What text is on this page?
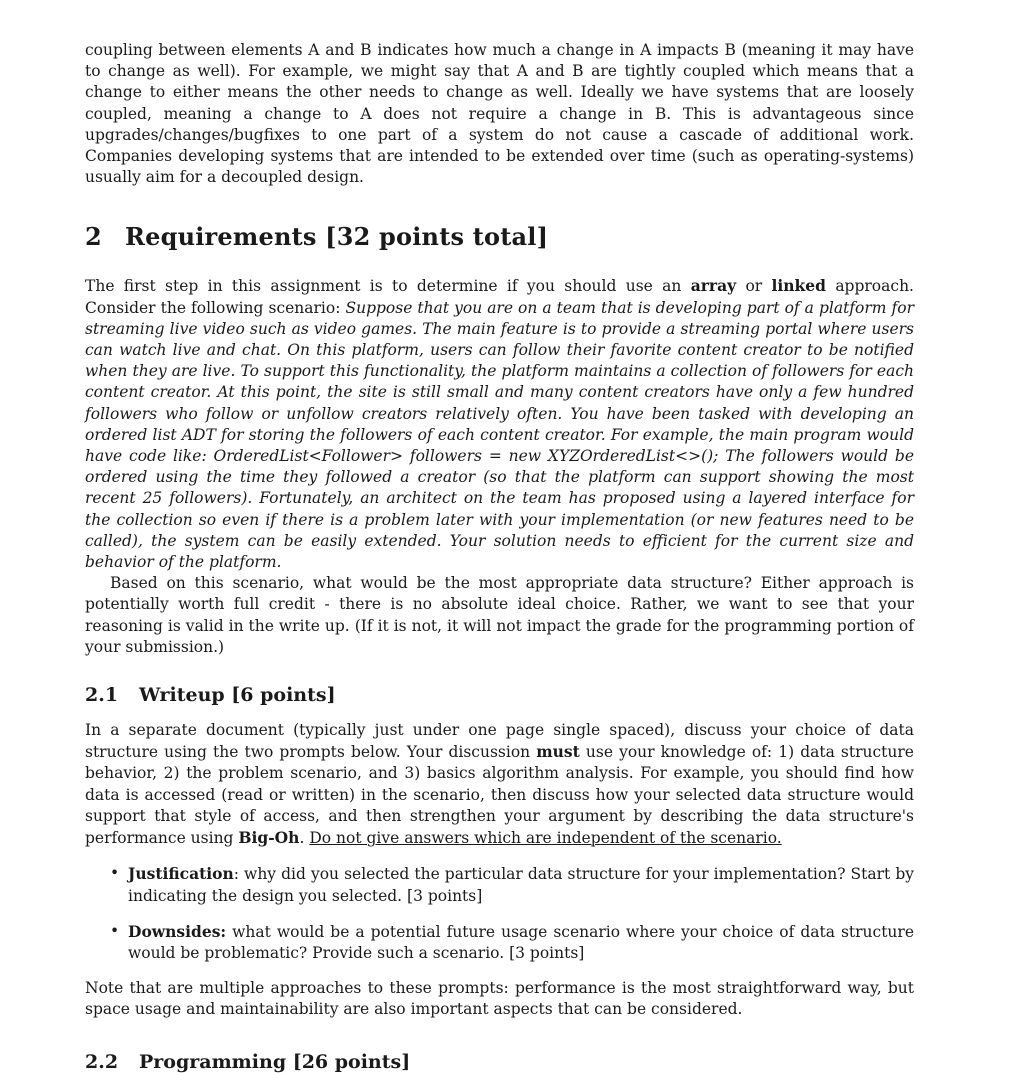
coupling between elements A and B indicates how much a change in A impacts B (meaning it may have to change as well). For example, we might say that A and B are tightly coupled which means that a change to either means the other needs to change as well. Ideally we have systems that are loosely coupled, meaning a change to A does not require a change in B. This is advantageous since upgrades/changes/bugfixes to one part of a system do not cause a cascade of additional work. Companies developing systems that are intended to be extended over time (such as operating-systems) usually aim for a decoupled design.

2 Requirements [32 points total]

The first step in this assignment is to determine if you should use an array or linked approach. Consider the following scenario: Suppose that you are on a team that is developing part of a platform for streaming live video such as video games. The main feature is to provide a streaming portal where users can watch live and chat. On this platform, users can follow their favorite content creator to be notified when they are live. To support this functionality, the platform maintains a collection of followers for each content creator. At this point, the site is still small and many content creators have only a few hundred followers who follow or unfollow creators relatively often. You have been tasked with developing an ordered list ADT for storing the followers of each content creator. For example, the main program would have code like: OrderedList<Follower> followers = new XYZOrderedList<>(); The followers would be ordered using the time they followed a creator (so that the platform can support showing the most recent 25 followers). Fortunately, an architect on the team has proposed using a layered interface for the collection so even if there is a problem later with your implementation (or new features need to be called), the system can be easily extended. Your solution needs to efficient for the current size and behavior of the platform.

Based on this scenario, what would be the most appropriate data structure? Either approach is potentially worth full credit - there is no absolute ideal choice. Rather, we want to see that your reasoning is valid in the write up. (If it is not, it will not impact the grade for the programming portion of your submission.)

2.1 Writeup [6 points]

In a separate document (typically just under one page single spaced), discuss your choice of data structure using the two prompts below. Your discussion must use your knowledge of: 1) data structure behavior, 2) the problem scenario, and 3) basics algorithm analysis. For example, you should find how data is accessed (read or written) in the scenario, then discuss how your selected data structure would support that style of access, and then strengthen your argument by describing the data structure's performance using Big-Oh. Do not give answers which are independent of the scenario.

• Justification: why did you selected the particular data structure for your implementation? Start by indicating the design you selected. [3 points]

• Downsides: what would be a potential future usage scenario where your choice of data structure would be problematic? Provide such a scenario. [3 points]

Note that are multiple approaches to these prompts: performance is the most straightforward way, but space usage and maintainability are also important aspects that can be considered.

2.2 Programming [26 points]
